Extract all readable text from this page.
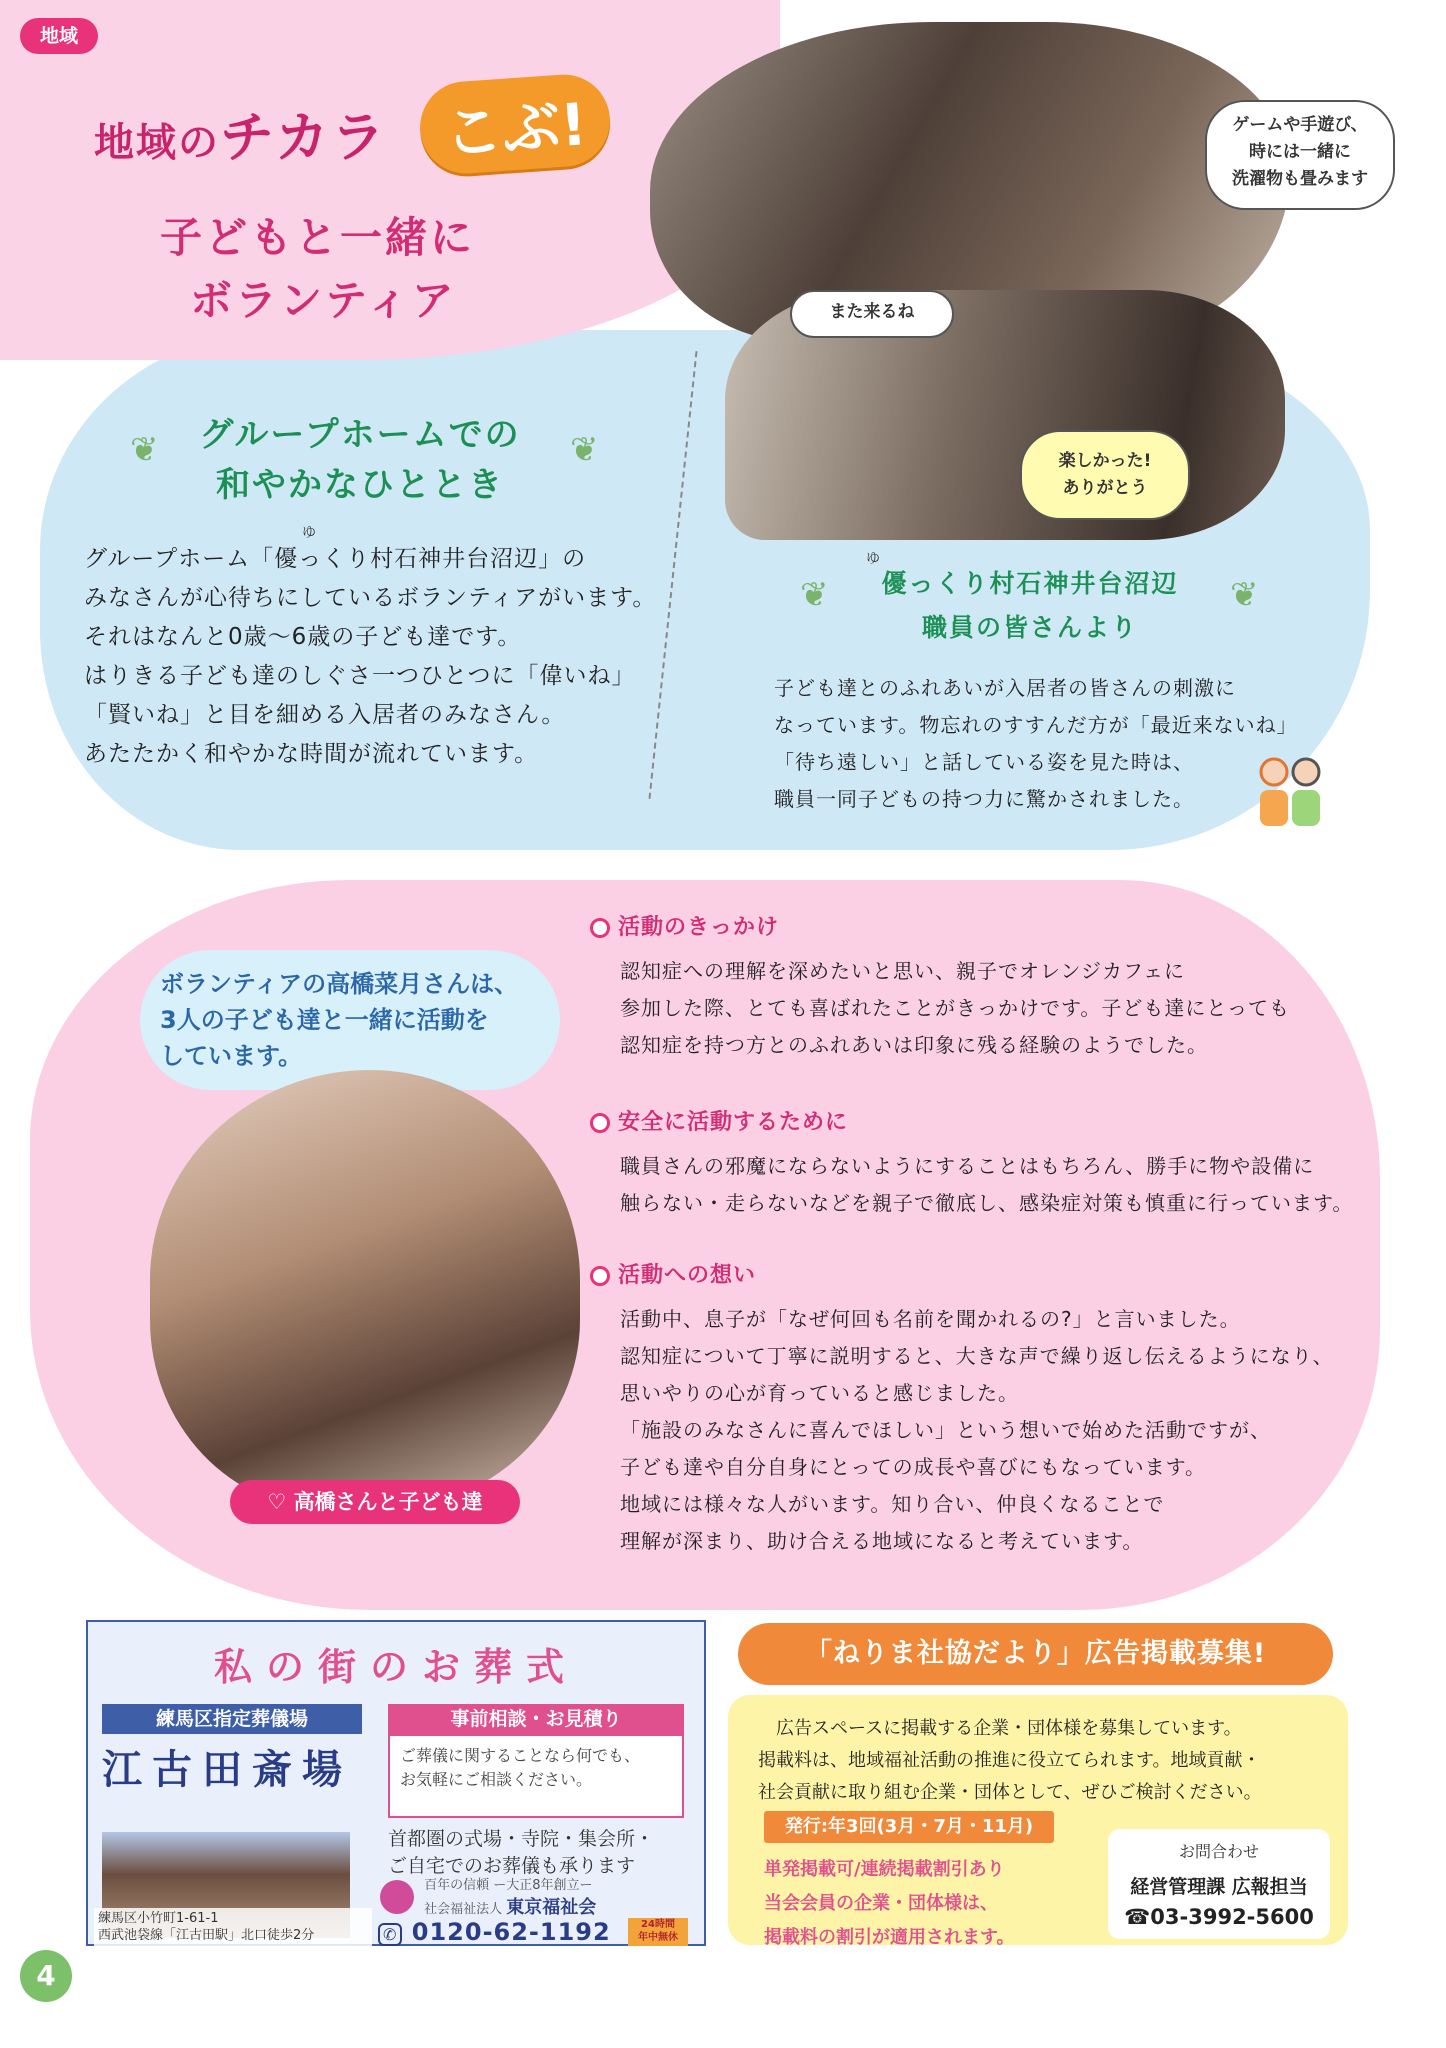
地域
地域のチカラ こぶ!
子どもと一緒に
ボランティア
ゲームや手遊び、
時には一緒に
洗濯物も畳みます
また来るね
楽しかった!
ありがとう
❦	❦
グループホームでの
和やかなひととき
ゆ
グループホーム「優っくり村石神井台沼辺」の
みなさんが心待ちにしているボランティアがいます。
それはなんと0歳～6歳の子ども達です。
はりきる子ども達のしぐさ一つひとつに「偉いね」
「賢いね」と目を細める入居者のみなさん。
あたたかく和やかな時間が流れています。
❦	❦
ゆ
優っくり村石神井台沼辺
職員の皆さんより
子ども達とのふれあいが入居者の皆さんの刺激に
なっています。物忘れのすすんだ方が「最近来ないね」
「待ち遠しい」と話している姿を見た時は、
職員一同子どもの持つ力に驚かされました。
ボランティアの高橋菜月さんは、
3人の子ども達と一緒に活動を
しています。
♡ 高橋さんと子ども達
活動のきっかけ
認知症への理解を深めたいと思い、親子でオレンジカフェに
参加した際、とても喜ばれたことがきっかけです。子ども達にとっても
認知症を持つ方とのふれあいは印象に残る経験のようでした。
安全に活動するために
職員さんの邪魔にならないようにすることはもちろん、勝手に物や設備に
触らない・走らないなどを親子で徹底し、感染症対策も慎重に行っています。
活動への想い
活動中、息子が「なぜ何回も名前を聞かれるの?」と言いました。
認知症について丁寧に説明すると、大きな声で繰り返し伝えるようになり、
思いやりの心が育っていると感じました。
「施設のみなさんに喜んでほしい」という想いで始めた活動ですが、
子ども達や自分自身にとっての成長や喜びにもなっています。
地域には様々な人がいます。知り合い、仲良くなることで
理解が深まり、助け合える地域になると考えています。
私の街のお葬式
練馬区指定葬儀場
江古田斎場
事前相談・お見積り
ご葬儀に関することなら何でも、
お気軽にご相談ください。
練馬区小竹町1-61-1
西武池袋線「江古田駅」北口徒歩2分
首都圏の式場・寺院・集会所・
ご自宅でのお葬儀も承ります
百年の信頼 ー大正8年創立ー
社会福祉法人 東京福祉会
✆ 0120-62-1192	24時間
年中無休
「ねりま社協だより」広告掲載募集!
広告スペースに掲載する企業・団体様を募集しています。
掲載料は、地域福祉活動の推進に役立てられます。地域貢献・
社会貢献に取り組む企業・団体として、ぜひご検討ください。
発行:年3回(3月・7月・11月)
単発掲載可/連続掲載割引あり
当会会員の企業・団体様は、
掲載料の割引が適用されます。
お問合わせ
経営管理課 広報担当
☎03-3992-5600
4
